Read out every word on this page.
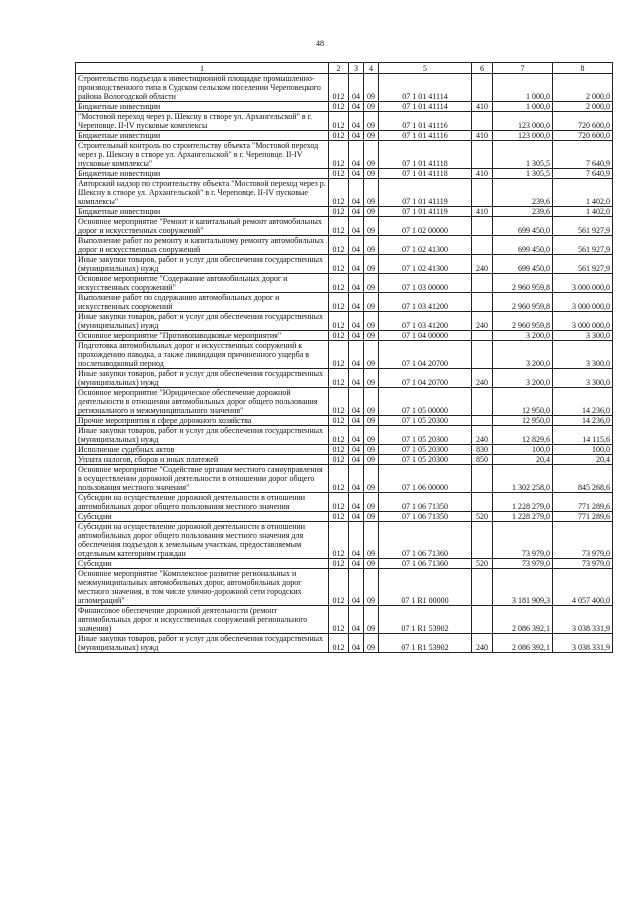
48
1	2	3	4	5	6	7	8
Строительство подъезда к инвестиционной площадке промышленно-производственного типа в Судском сельском поселении Череповецкого района Вологодской области	012	04	09	07 1 01 41114		1 000,0	2 000,0
Бюджетные инвестиции	012	04	09	07 1 01 41114	410	1 000,0	2 000,0
"Мостовой переход через р. Шексну в створе ул. Архангельской" в г. Череповце. II-IV пусковые комплексы	012	04	09	07 1 01 41116		123 000,0	720 600,0
Бюджетные инвестиции	012	04	09	07 1 01 41116	410	123 000,0	720 600,0
Строительный контроль по строительству объекта "Мостовой переход через р. Шексну в створе ул. Архангельской" в г. Череповце. II-IV пусковые комплексы"	012	04	09	07 1 01 41118		1 305,5	7 640,9
Бюджетные инвестиции	012	04	09	07 1 01 41118	410	1 305,5	7 640,9
Авторский надзор по строительству объекта "Мостовой переход через р. Шексну в створе ул. Архангельской" в г. Череповце. II-IV пусковые комплексы"	012	04	09	07 1 01 41119		239,6	1 402,0
Бюджетные инвестиции	012	04	09	07 1 01 41119	410	239,6	1 402,0
Основное мероприятие "Ремонт и капитальный ремонт автомобильных дорог и искусственных сооружений"	012	04	09	07 1 02 00000		699 450,0	561 927,9
Выполнение работ по ремонту и капитальному ремонту автомобильных дорог и искусственных сооружений	012	04	09	07 1 02 41300		699 450,0	561 927,9
Иные закупки товаров, работ и услуг для обеспечения государственных (муниципальных) нужд	012	04	09	07 1 02 41300	240	699 450,0	561 927,9
Основное мероприятие "Содержание автомобильных дорог и искусственных сооружений"	012	04	09	07 1 03 00000		2 960 959,8	3 000 000,0
Выполнение работ по содержанию автомобильных дорог и искусственных сооружений	012	04	09	07 1 03 41200		2 960 959,8	3 000 000,0
Иные закупки товаров, работ и услуг для обеспечения государственных (муниципальных) нужд	012	04	09	07 1 03 41200	240	2 960 959,8	3 000 000,0
Основное мероприятие "Противопаводковые мероприятия"	012	04	09	07 1 04 00000		3 200,0	3 300,0
Подготовка автомобильных дорог и искусственных сооружений к прохождению паводка, а также ликвидация причиненного ущерба в послепаводковый период	012	04	09	07 1 04 20700		3 200,0	3 300,0
Иные закупки товаров, работ и услуг для обеспечения государственных (муниципальных) нужд	012	04	09	07 1 04 20700	240	3 200,0	3 300,0
Основное мероприятие "Юридическое обеспечение дорожной деятельности в отношении автомобильных дорог общего пользования регионального и межмуниципального значения"	012	04	09	07 1 05 00000		12 950,0	14 236,0
Прочие мероприятия в сфере дорожного хозяйства	012	04	09	07 1 05 20300		12 950,0	14 236,0
Иные закупки товаров, работ и услуг для обеспечения государственных (муниципальных) нужд	012	04	09	07 1 05 20300	240	12 829,6	14 115,6
Исполнение судебных актов	012	04	09	07 1 05 20300	830	100,0	100,0
Уплата налогов, сборов и иных платежей	012	04	09	07 1 05 20300	850	20,4	20,4
Основное мероприятие "Содействие органам местного самоуправления в осуществлении дорожной деятельности в отношении дорог общего пользования местного значения"	012	04	09	07 1 06 00000		1 302 258,0	845 268,6
Субсидии на осуществление дорожной деятельности в отношении автомобильных дорог общего пользования местного значения	012	04	09	07 1 06 71350		1 228 279,0	771 289,6
Субсидии	012	04	09	07 1 06 71350	520	1 228 279,0	771 289,6
Субсидии на осуществление дорожной деятельности в отношении автомобильных дорог общего пользования местного значения для обеспечения подъездов к земельным участкам, предоставляемым отдельным категориям граждан	012	04	09	07 1 06 71360		73 979,0	73 979,0
Субсидии	012	04	09	07 1 06 71360	520	73 979,0	73 979,0
Основное мероприятие "Комплексное развитие региональных и межмуниципальных автомобильных дорог, автомобильных дорог местного значения, в том числе улично-дорожной сети городских агломераций"	012	04	09	07 1 R1 00000		3 181 909,3	4 057 400,0
Финансовое обеспечение дорожной деятельности (ремонт автомобильных дорог и искусственных сооружений регионального значения)	012	04	09	07 1 R1 53902		2 086 392,1	3 038 331,9
Иные закупки товаров, работ и услуг для обеспечения государственных (муниципальных) нужд	012	04	09	07 1 R1 53902	240	2 086 392,1	3 038 331,9
